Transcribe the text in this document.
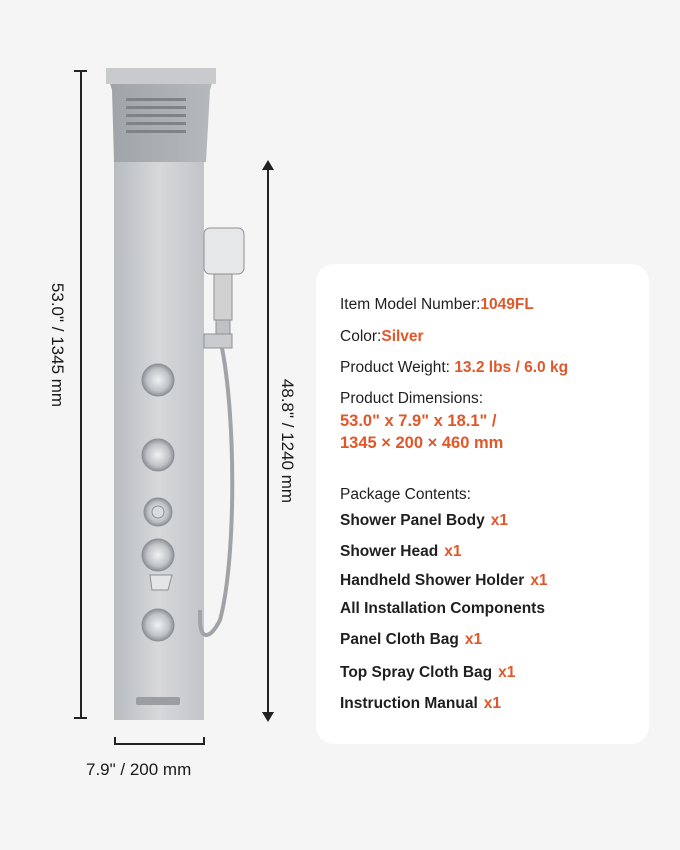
53.0" / 1345 mm
48.8" / 1240 mm
7.9" / 200 mm
Item Model Number:1049FL
Color:Silver
Product Weight: 13.2 lbs / 6.0 kg
Product Dimensions:
53.0" x 7.9" x 18.1" /
1345 × 200 × 460 mm
Package Contents:
Shower Panel Body x1
Shower Head x1
Handheld Shower Holder x1
All Installation Components
Panel Cloth Bag x1
Top Spray Cloth Bag x1
Instruction Manual x1
